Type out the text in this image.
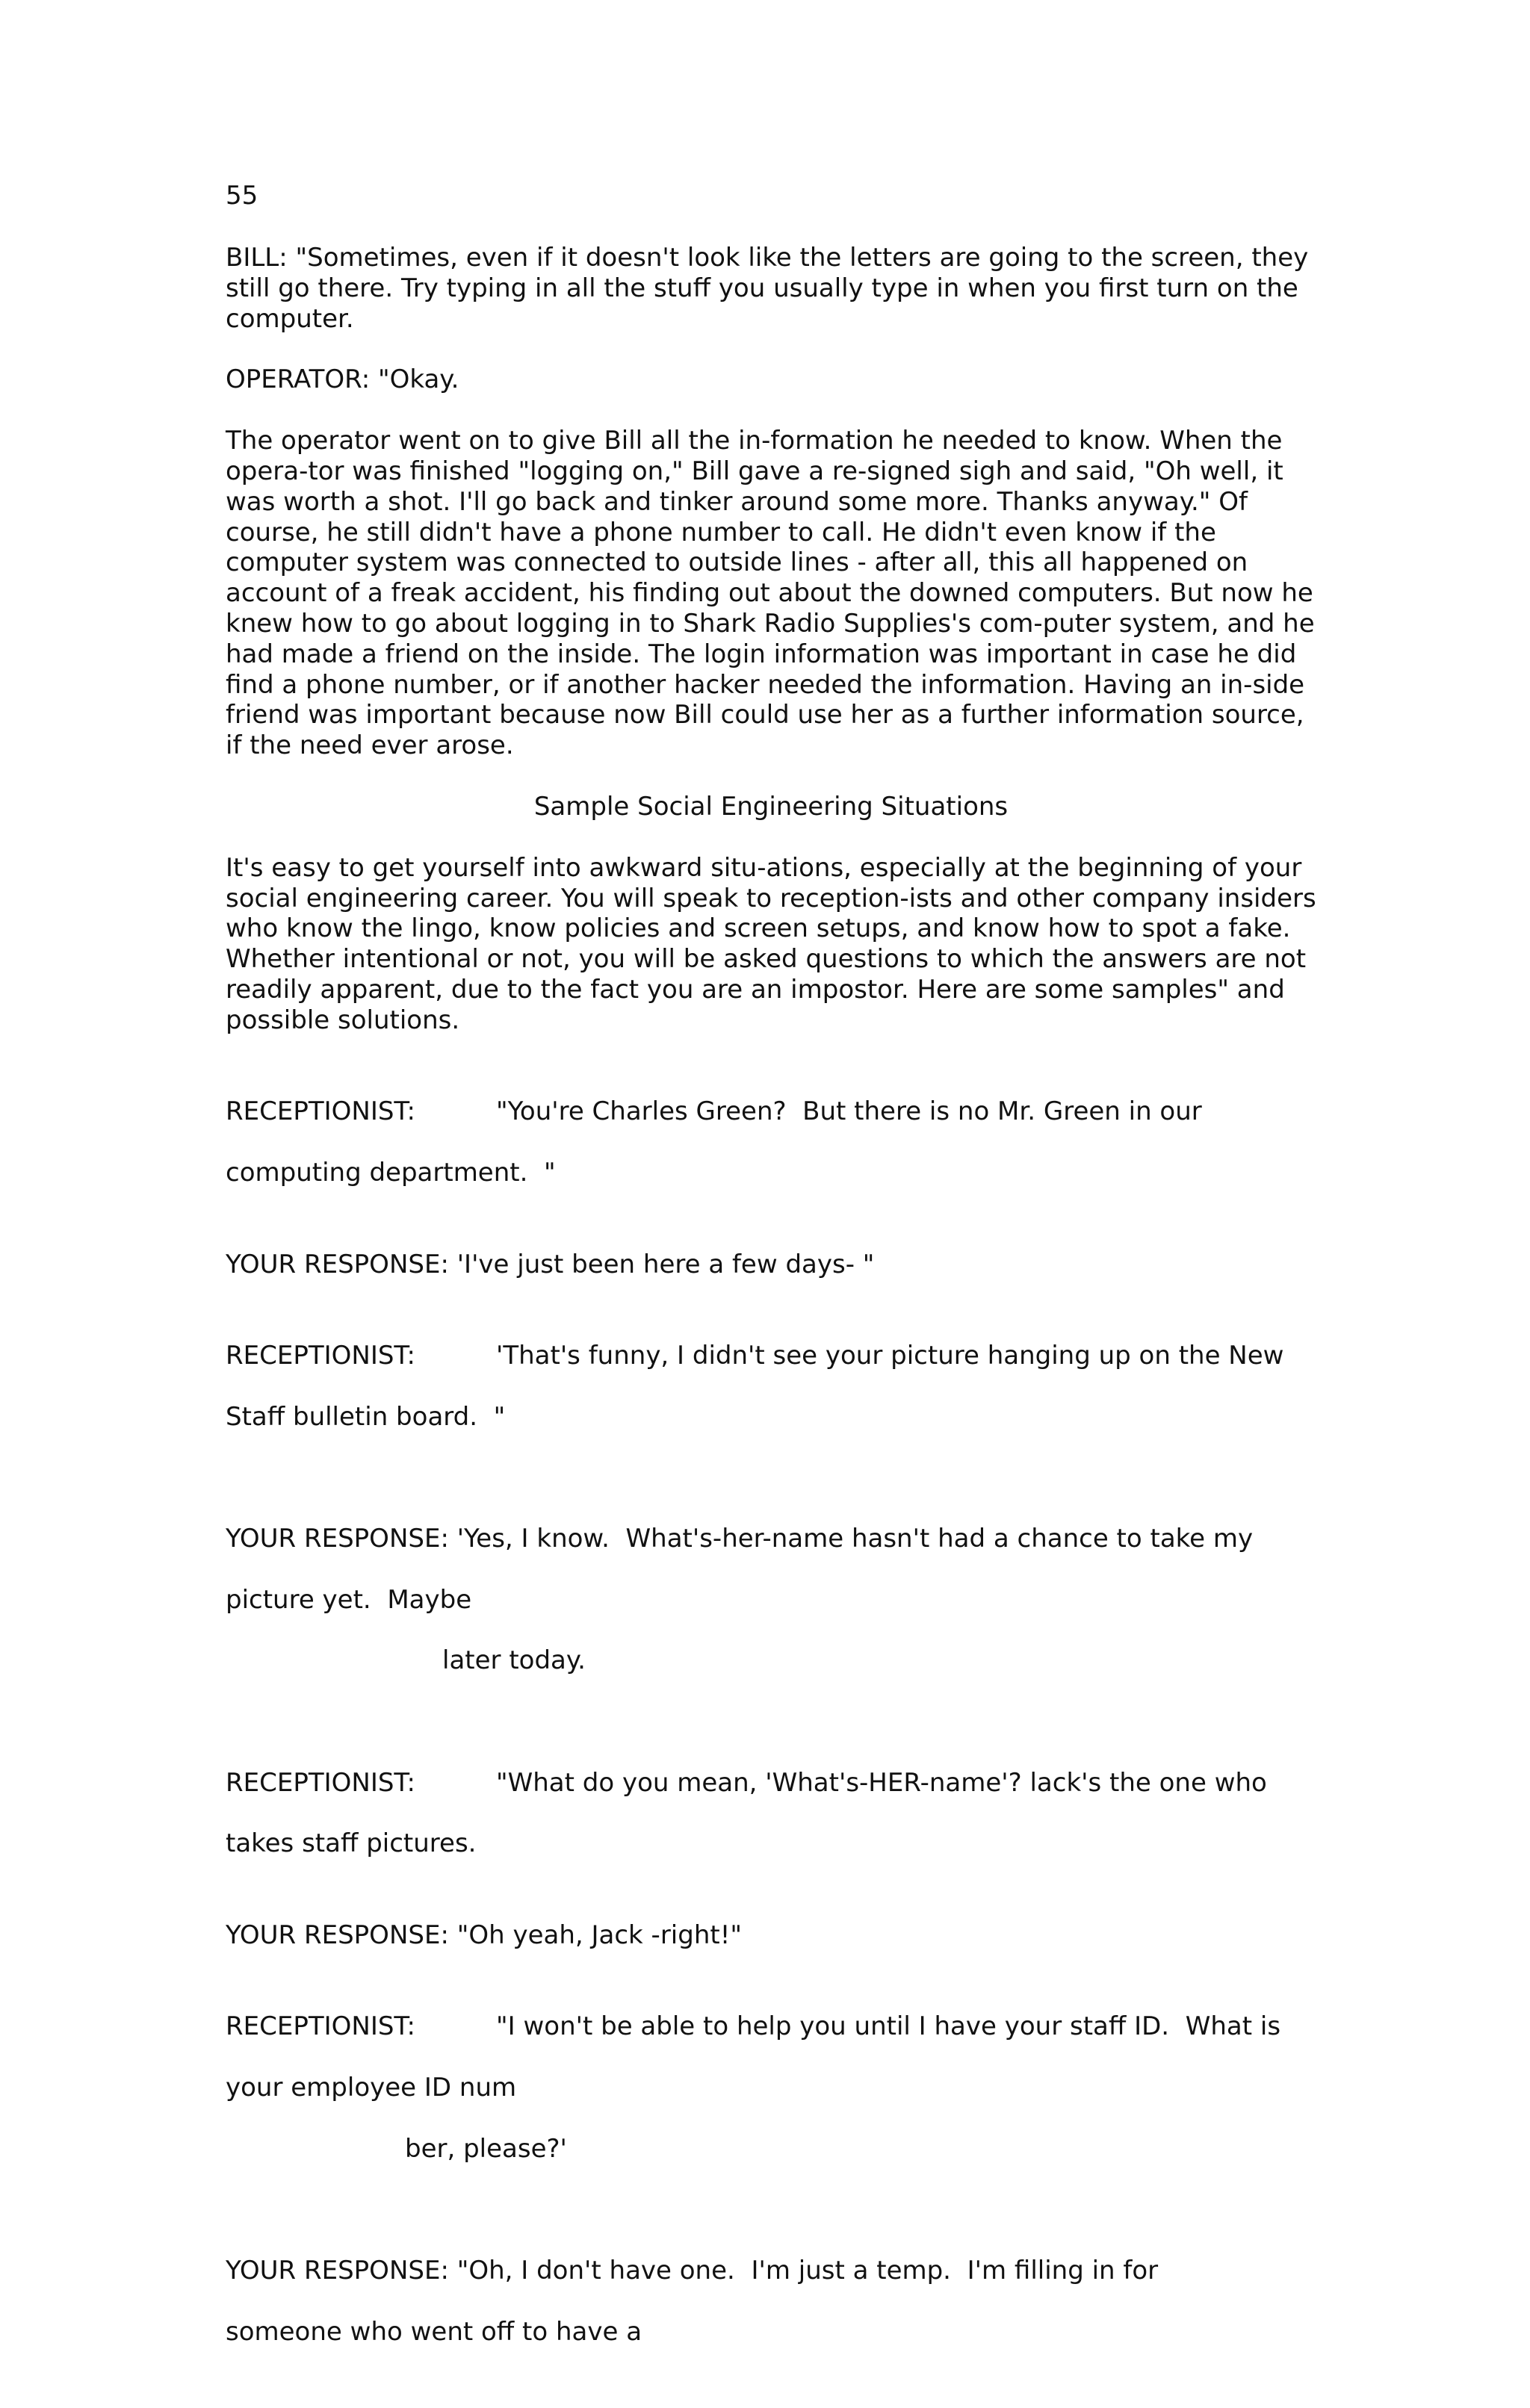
55

BILL: "Sometimes, even if it doesn't look like the letters are going to the screen, they still go there. Try typing in all the stuff you usually type in when you first turn on the computer.

OPERATOR: "Okay.

The operator went on to give Bill all the in-formation he needed to know. When the opera-tor was finished "logging on," Bill gave a re-signed sigh and said, "Oh well, it was worth a shot. I'll go back and tinker around some more. Thanks anyway." Of course, he still didn't have a phone number to call. He didn't even know if the computer system was connected to outside lines - after all, this all happened on account of a freak accident, his finding out about the downed computers. But now he knew how to go about logging in to Shark Radio Supplies's com-puter system, and he had made a friend on the inside. The login information was important in case he did find a phone number, or if another hacker needed the information. Having an in-side friend was important because now Bill could use her as a further information source, if the need ever arose.

Sample Social Engineering Situations

It's easy to get yourself into awkward situ-ations, especially at the beginning of your social engineering career. You will speak to reception-ists and other company insiders who know the lingo, know policies and screen setups, and know how to spot a fake. Whether intentional or not, you will be asked questions to which the answers are not readily apparent, due to the fact you are an impostor. Here are some samples" and possible solutions.

RECEPTIONIST:	"You're Charles Green?  But there is no Mr. Green in our

computing department.  "

YOUR RESPONSE: 'I've just been here a few days- "

RECEPTIONIST:	'That's funny, I didn't see your picture hanging up on the New

Staff bulletin board.  "

YOUR RESPONSE: 'Yes, I know.  What's-her-name hasn't had a chance to take my

picture yet.  Maybe

later today.

RECEPTIONIST:	"What do you mean, 'What's-HER-name'? lack's the one who

takes staff pictures.

YOUR RESPONSE: "Oh yeah, Jack -right!"

RECEPTIONIST:	"I won't be able to help you until I have your staff ID.  What is

your employee ID num

ber, please?'

YOUR RESPONSE: "Oh, I don't have one.  I'm just a temp.  I'm filling in for

someone who went off to have a
